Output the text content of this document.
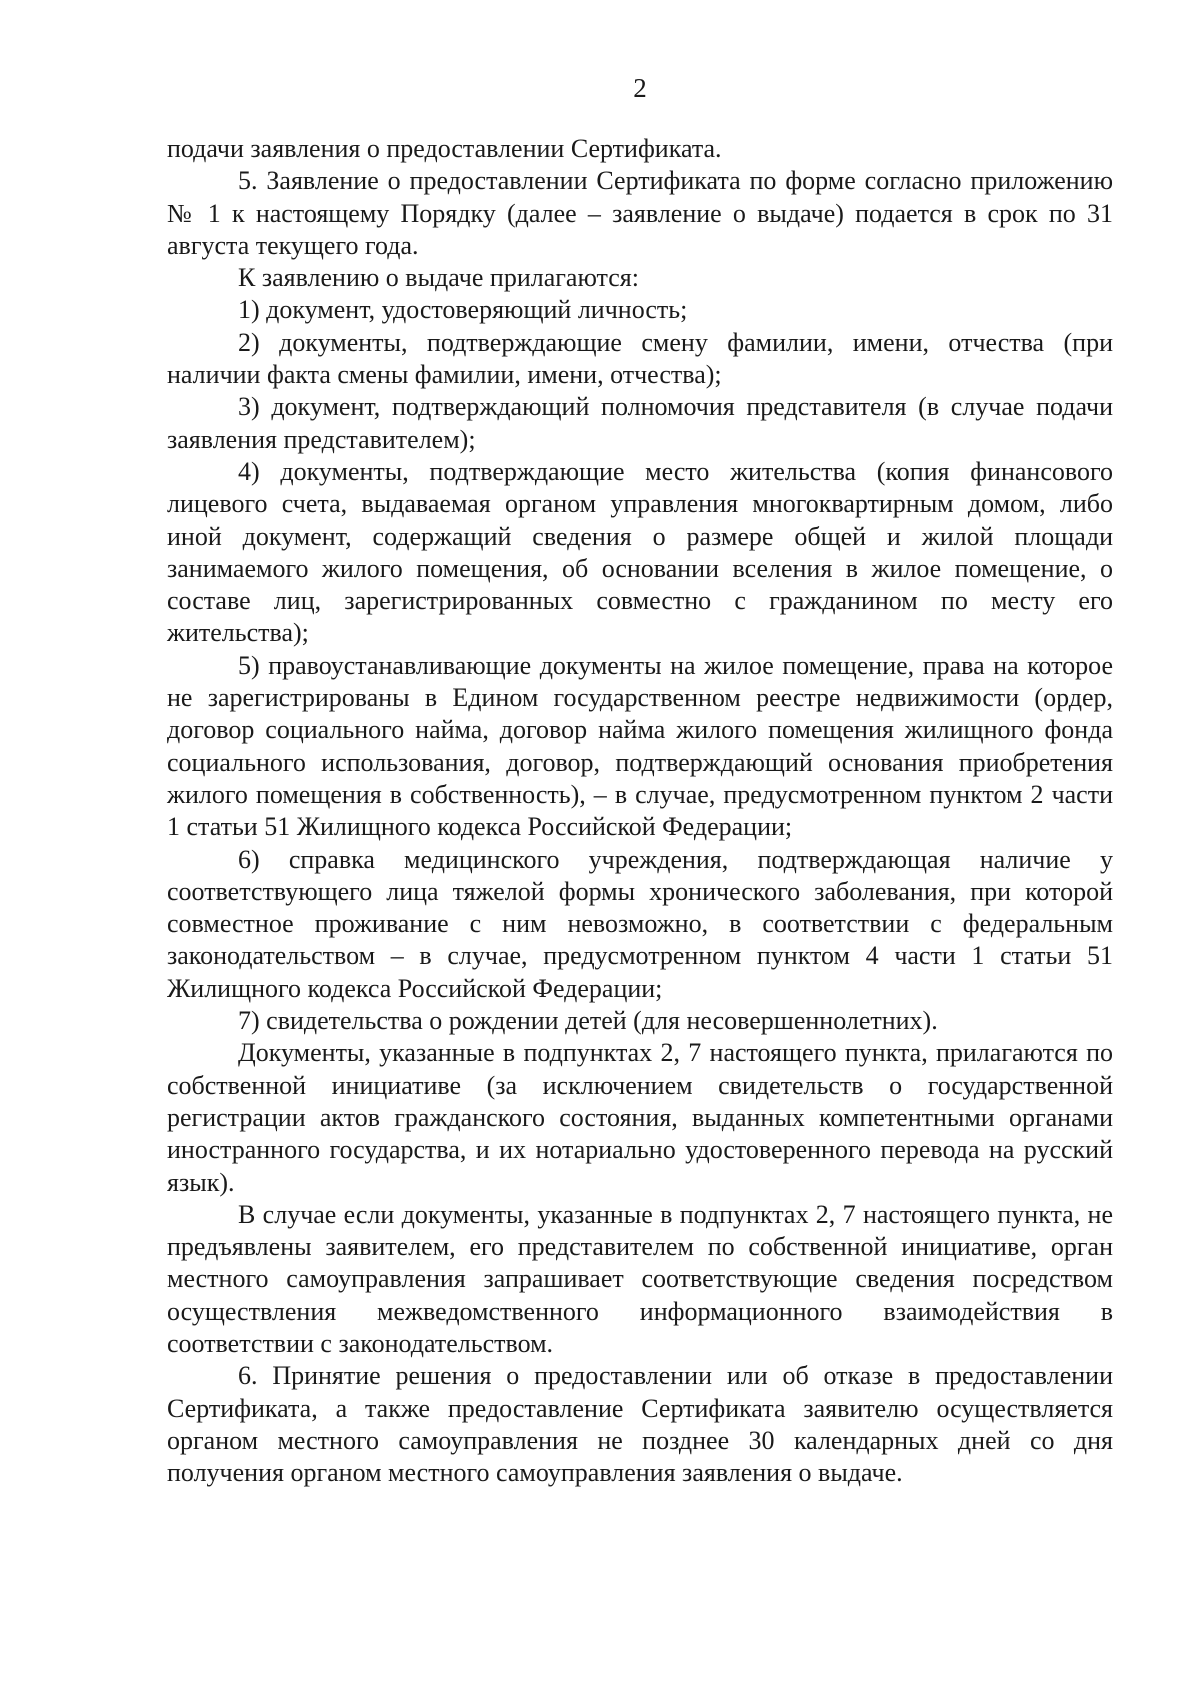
2

подачи заявления о предоставлении Сертификата.

5. Заявление о предоставлении Сертификата по форме согласно приложению № 1 к настоящему Порядку (далее – заявление о выдаче) подается в срок по 31 августа текущего года.

К заявлению о выдаче прилагаются:

1) документ, удостоверяющий личность;

2) документы, подтверждающие смену фамилии, имени, отчества (при наличии факта смены фамилии, имени, отчества);

3) документ, подтверждающий полномочия представителя (в случае подачи заявления представителем);

4) документы, подтверждающие место жительства (копия финансового лицевого счета, выдаваемая органом управления многоквартирным домом, либо иной документ, содержащий сведения о размере общей и жилой площади занимаемого жилого помещения, об основании вселения в жилое помещение, о составе лиц, зарегистрированных совместно с гражданином по месту его жительства);

5) правоустанавливающие документы на жилое помещение, права на которое не зарегистрированы в Едином государственном реестре недвижимости (ордер, договор социального найма, договор найма жилого помещения жилищного фонда социального использования, договор, подтверждающий основания приобретения жилого помещения в собственность), – в случае, предусмотренном пунктом 2 части 1 статьи 51 Жилищного кодекса Российской Федерации;

6) справка медицинского учреждения, подтверждающая наличие у соответствующего лица тяжелой формы хронического заболевания, при которой совместное проживание с ним невозможно, в соответствии с федеральным законодательством – в случае, предусмотренном пунктом 4 части 1 статьи 51 Жилищного кодекса Российской Федерации;

7) свидетельства о рождении детей (для несовершеннолетних).

Документы, указанные в подпунктах 2, 7 настоящего пункта, прилагаются по собственной инициативе (за исключением свидетельств о государственной регистрации актов гражданского состояния, выданных компетентными органами иностранного государства, и их нотариально удостоверенного перевода на русский язык).

В случае если документы, указанные в подпунктах 2, 7 настоящего пункта, не предъявлены заявителем, его представителем по собственной инициативе, орган местного самоуправления запрашивает соответствующие сведения посредством осуществления межведомственного информационного взаимодействия в соответствии с законодательством.

6. Принятие решения о предоставлении или об отказе в предоставлении Сертификата, а также предоставление Сертификата заявителю осуществляется органом местного самоуправления не позднее 30 календарных дней со дня получения органом местного самоуправления заявления о выдаче.
